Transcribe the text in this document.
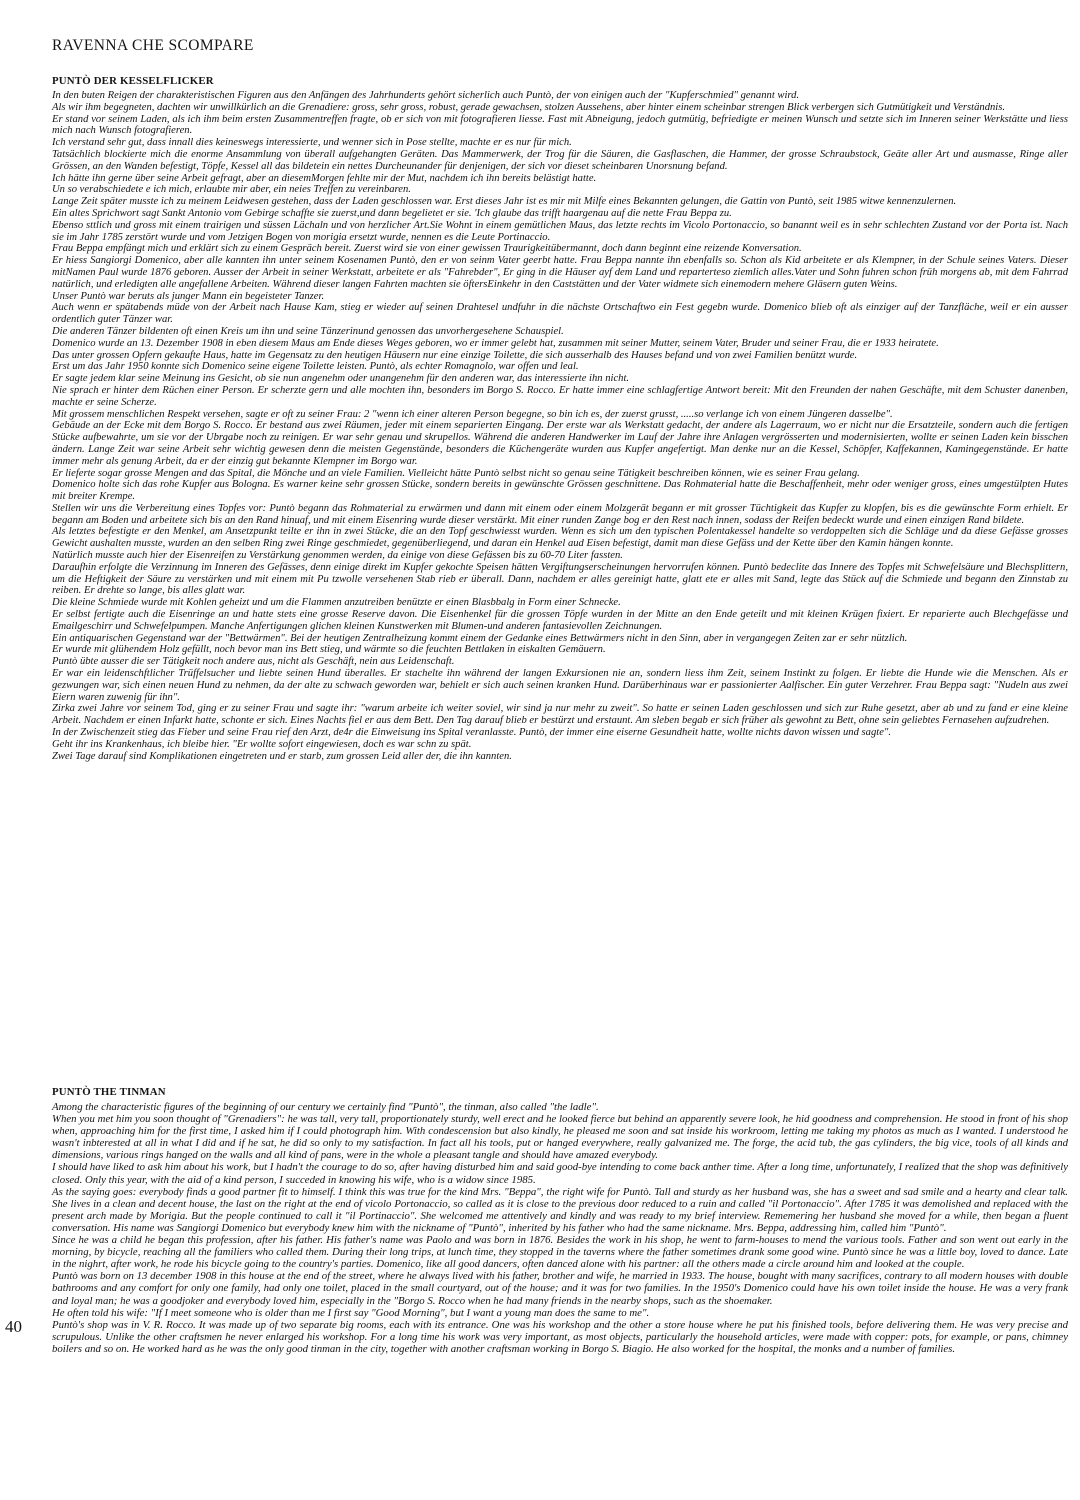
RAVENNA CHE SCOMPARE
PUNTÒ DER KESSELFLICKER

In den buten Reigen der charakteristischen Figuren aus den Anfängen des Jahrhunderts gehört sicherlich auch Puntò, der von einigen auch der "Kupferschmied" genannt wird.

Als wir ihm begegneten, dachten wir unwillkürlich an die Grenadiere: gross, sehr gross, robust, gerade gewachsen, stolzen Aussehens, aber hinter einem scheinbar strengen Blick verbergen sich Gutmütigkeit und Verständnis.

Er stand vor seinem Laden, als ich ihm beim ersten Zusammentreffen fragte, ob er sich von mit fotografieren liesse. Fast mit Abneigung, jedoch gutmütig, befriedigte er meinen Wunsch und setzte sich im Inneren seiner Werkstätte und liess mich nach Wunsch fotografieren.

Ich verstand sehr gut, dass innall dies keineswegs interessierte, und wenner sich in Pose stellte, machte er es nur für mich.

Tatsächlich blockierte mich die enorme Ansammlung von überall aufgehangten Geräten. Das Mammerwerk, der Trog für die Säuren, die Gasflaschen, die Hammer, der grosse Schraubstock, Geäte aller Art und ausmasse, Ringe aller Grössen, an den Wanden befestigt, Töpfe, Kessel all das bildetein ein nettes Durcheunander für denjenigen, der sich vor dieset scheinbaren Unorsnung befand.

Ich hätte ihn gerne über seine Arbeit gefragt, aber an diesemMorgen fehlte mir der Mut, nachdem ich ihn bereits belästigt hatte.

Un so verabschiedete e ich mich, erlaubte mir aber, ein neies Treffen zu vereinbaren.

Lange Zeit später musste ich zu meinem Leidwesen gestehen, dass der Laden geschlossen war. Erst dieses Jahr ist es mir mit Milfe eines Bekannten gelungen, die Gattin von Puntò, seit 1985 witwe kennenzulernen.

Ein altes Sprichwort sagt Sankt Antonio vom Gebirge schaffte sie zuerst,und dann begelietet er sie. 'Ich glaube das trifft haargenau auf die nette Frau Beppa zu.

Ebenso sttlich und gross mit einem trairigen und süssen Lächaln und von herzlicher Art.Sie Wohnt in einem gemütlichen Maus, das letzte rechts im Vicolo Portonaccio, so banannt weil es in sehr schlechten Zustand vor der Porta ist. Nach sie im Jahr 1785 zerstört wurde und vom Jetzigen Bogen von morigia ersetzt wurde, nennen es die Leute Portinaccio.

Frau Beppa empfängt mich und erklärt sich zu einem Gespräch bereit. Zuerst wird sie von einer gewissen Traurigkeitübermannt, doch dann beginnt eine reizende Konversation.

Er hiess Sangiorgi Domenico, aber alle kannten ihn unter seinem Kosenamen Puntò, den er von seinm Vater geerbt hatte. Frau Beppa nannte ihn ebenfalls so. Schon als Kid arbeitete er als Klempner, in der Schule seines Vaters. Dieser mitNamen Paul wurde 1876 geboren. Ausser der Arbeit in seiner Werkstatt, arbeitete er als "Fahrebder", Er ging in die Häuser ayf dem Land und reparterteso ziemlich alles.Vater und Sohn fuhren schon früh morgens ab, mit dem Fahrrad natürlich, und erledigten alle angefallene Arbeiten. Während dieser langen Fahrten machten sie öftersEinkehr in den Caststätten und der Vater widmete sich einemodern mehere Gläsern guten Weins.

Unser Puntò war beruts als junger Mann ein begeisteter Tanzer.

Auch wenn er spätabends müde von der Arbeit nach Hause Kam, stieg er wieder auf seinen Drahtesel undfuhr in die nächste Ortschaftwo ein Fest gegebn wurde. Domenico blieb oft als einziger auf der Tanzfläche, weil er ein ausser ordentlich guter Tänzer war.

Die anderen Tänzer bildenten oft einen Kreis um ihn und seine Tänzerinund genossen das unvorhergesehene Schauspiel.

Domenico wurde an 13. Dezember 1908 in eben diesem Maus am Ende dieses Weges geboren, wo er immer gelebt hat, zusammen mit seiner Mutter, seinem Vater, Bruder und seiner Frau, die er 1933 heiratete.

Das unter grossen Opfern gekaufte Haus, hatte im Gegensatz zu den heutigen Häusern nur eine einzige Toilette, die sich ausserhalb des Hauses befand und von zwei Familien benützt wurde.

Erst um das Jahr 1950 konnte sich Domenico seine eigene Toilette leisten. Puntò, als echter Romagnolo, war offen und leal.

Er sagte jedem klar seine Meinung ins Gesicht, ob sie nun angenehm oder unangenehm für den anderen war, das interessierte ihn nicht.

Nie sprach er hinter dem Rüchen einer Person. Er scherzte gern und alle mochten ihn, besonders im Borgo S. Rocco. Er hatte immer eine schlagfertige Antwort bereit: Mit den Freunden der nahen Geschäfte, mit dem Schuster danenben, machte er seine Scherze.

Mit grossem menschlichen Respekt versehen, sagte er oft zu seiner Frau: 2 "wenn ich einer alteren Person begegne, so bin ich es, der zuerst grusst, .....so verlange ich von einem Jüngeren dasselbe".

Gebäude an der Ecke mit dem Borgo S. Rocco. Er bestand aus zwei Räumen, jeder mit einem separierten Eingang. Der erste war als Werkstatt gedacht, der andere als Lagerraum, wo er nicht nur die Ersatzteile, sondern auch die fertigen Stücke aufbewahrte, um sie vor der Ubrgabe noch zu reinigen. Er war sehr genau und skrupellos. Während die anderen Handwerker im Lauf der Jahre ihre Anlagen vergrösserten und modernisierten, wollte er seinen Laden kein bisschen ändern. Lange Zeit war seine Arbeit sehr wichtig gewesen denn die meisten Gegenstände, besonders die Küchengeräte wurden aus Kupfer angefertigt. Man denke nur an die Kessel, Schöpfer, Kaffekannen, Kamingegenstände. Er hatte immer mehr als genung Arbeit, da er der einzig gut bekannte Klempner im Borgo war.

Er lieferte sogar grosse Mengen and das Spital, die Mönche und an viele Familien. Vielleicht hätte Puntò selbst nicht so genau seine Tätigkeit beschreiben können, wie es seiner Frau gelang.

Domenico holte sich das rohe Kupfer aus Bologna. Es warner keine sehr grossen Stücke, sondern bereits in gewünschte Grössen geschnittene. Das Rohmaterial hatte die Beschaffenheit, mehr oder weniger gross, eines umgestülpten Hutes mit breiter Krempe.

Stellen wir uns die Verbereitung eines Topfes vor: Puntò begann das Rohmaterial zu erwärmen und dann mit einem oder einem Molzgerät begann er mit grosser Tüchtigkeit das Kupfer zu klopfen, bis es die gewünschte Form erhielt. Er begann am Boden und arbeitete sich bis an den Rand hinuaf, und mit einem Eisenring wurde dieser verstärkt. Mit einer runden Zange bog er den Rest nach innen, sodass der Reifen bedeckt wurde und einen einzigen Rand bildete.

Als letztes befestigte er den Menkel, am Ansetzpunkt teilte er ihn in zwei Stücke, die an den Topf geschwiesst wurden. Wenn es sich um den typischen Polentakessel handelte so verdoppelten sich die Schläge und da diese Gefässe grosses Gewicht aushalten musste, wurden an den selben Ring zwei Ringe geschmiedet, gegenüberliegend, und daran ein Henkel aud Eisen befestigt, damit man diese Gefäss und der Kette über den Kamin hängen konnte.

Natürlich musste auch hier der Eisenreifen zu Verstärkung genommen werden, da einige von diese Gefässen bis zu 60-70 Liter fassten.

Daraufhin erfolgte die Verzinnung im Inneren des Gefässes, denn einige direkt im Kupfer gekochte Speisen hätten Vergiftungserscheinungen hervorrufen können. Puntò bedeclite das Innere des Topfes mit Schwefelsäure und Blechsplittern, um die Heftigkeit der Säure zu verstärken und mit einem mit Pu tzwolle versehenen Stab rieb er überall. Dann, nachdem er alles gereinigt hatte, glatt ete er alles mit Sand, legte das Stück auf die Schmiede und begann den Zinnstab zu reiben. Er drehte so lange, bis alles glatt war.

Die kleine Schmiede wurde mit Kohlen geheizt und um die Flammen anzutreiben benützte er einen Blasbbalg in Form einer Schnecke.

Er selbst fertigte auch die Eisenringe an und hatte stets eine grosse Reserve davon. Die Eisenhenkel für die grossen Töpfe wurden in der Mitte an den Ende geteilt und mit kleinen Krügen fixiert. Er reparierte auch Blechgefässe und Emailgeschirr und Schwefelpumpen. Manche Anfertigungen glichen kleinen Kunstwerken mit Blumen-und anderen fantasievollen Zeichnungen.

Ein antiquarischen Gegenstand war der "Bettwärmen". Bei der heutigen Zentralheizung kommt einem der Gedanke eines Bettwärmers nicht in den Sinn, aber in vergangegen Zeiten zar er sehr nützlich.

Er wurde mit glühendem Holz gefüllt, noch bevor man ins Bett stieg, und wärmte so die feuchten Bettlaken in eiskalten Gemäuern.

Puntò übte ausser die ser Tätigkeit noch andere aus, nicht als Geschäft, nein aus Leidenschaft.

Er war ein leidenschftlicher Trüffelsucher und liebte seinen Hund überalles. Er stachelte ihn während der langen Exkursionen nie an, sondern liess ihm Zeit, seinem Instinkt zu folgen. Er liebte die Hunde wie die Menschen. Als er gezwungen war, sich einen neuen Hund zu nehmen, da der alte zu schwach geworden war, behielt er sich auch seinen kranken Hund. Darüberhinaus war er passionierter Aalfischer. Ein guter Verzehrer. Frau Beppa sagt: "Nudeln aus zwei Eiern waren zuwenig für ihn".

Zirka zwei Jahre vor seinem Tod, ging er zu seiner Frau und sagte ihr: "warum arbeite ich weiter soviel, wir sind ja nur mehr zu zweit". So hatte er seinen Laden geschlossen und sich zur Ruhe gesetzt, aber ab und zu fand er eine kleine Arbeit. Nachdem er einen Infarkt hatte, schonte er sich. Eines Nachts fiel er aus dem Bett. Den Tag darauf blieb er bestürzt und erstaunt. Am sleben begab er sich früher als gewohnt zu Bett, ohne sein geliebtes Fernasehen aufzudrehen.

In der Zwischenzeit stieg das Fieber und seine Frau rief den Arzt, de4r die Einweisung ins Spital veranlasste. Puntò, der immer eine eiserne Gesundheit hatte, wollte nichts davon wissen und sagte".

Geht ihr ins Krankenhaus, ich bleibe hier. "Er wollte sofort eingewiesen, doch es war schn zu spät.

Zwei Tage darauf sind Komplikationen eingetreten und er starb, zum grossen Leid aller der, die ihn kannten.

PUNTÒ THE TINMAN

Among the characteristic figures of the beginning of our century we certainly find "Puntò", the tinman, also called "the ladle".

When you met him you soon thought of "Grenadiers": he was tall, very tall, proportionately sturdy, well erect and he looked fierce but behind an apparently severe look, he hid goodness and comprehension. He stood in front of his shop when, approaching him for the first time, I asked him if I could photograph him. With condescension but also kindly, he pleased me soon and sat inside his workroom, letting me taking my photos as much as I wanted. I understood he wasn't inbterested at all in what I did and if he sat, he did so only to my satisfaction. In fact all his tools, put or hanged everywhere, really galvanized me. The forge, the acid tub, the gas cylinders, the big vice, tools of all kinds and dimensions, various rings hanged on the walls and all kind of pans, were in the whole a pleasant tangle and should have amazed everybody.

I should have liked to ask him about his work, but I hadn't the courage to do so, after having disturbed him and said good-bye intending to come back anther time. After a long time, unfortunately, I realized that the shop was definitively closed. Only this year, with the aid of a kind person, I succeded in knowing his wife, who is a widow since 1985.

As the saying goes: everybody finds a good partner fit to himself. I think this was true for the kind Mrs. "Beppa", the right wife for Puntò. Tall and sturdy as her husband was, she has a sweet and sad smile and a hearty and clear talk. She lives in a clean and decent house, the last on the right at the end of vicolo Portonaccio, so called as it is close to the previous door reduced to a ruin and called "il Portonaccio". After 1785 it was demolished and replaced with the present arch made by Morigia. But the people continued to call it "il Portinaccio". She welcomed me attentively and kindly and was ready to my brief interview. Rememering her husband she moved for a while, then began a fluent conversation. His name was Sangiorgi Domenico but everybody knew him with the nickname of "Puntò", inherited by his father who had the same nickname. Mrs. Beppa, addressing him, called him "Puntò".

Since he was a child he began this profession, after his father. His father's name was Paolo and was born in 1876. Besides the work in his shop, he went to farm-houses to mend the various tools. Father and son went out early in the morning, by bicycle, reaching all the familiers who called them. During their long trips, at lunch time, they stopped in the taverns where the father sometimes drank some good wine. Puntò since he was a little boy, loved to dance. Late in the nighrt, after work, he rode his bicycle going to the country's parties. Domenico, like all good dancers, often danced alone with his partner: all the others made a circle around him and looked at the couple.

Puntò was born on 13 december 1908 in this house at the end of the street, where he always lived with his father, brother and wife, he married in 1933. The house, bought with many sacrifices, contrary to all modern houses with double bathrooms and any comfort for only one family, had only one toilet, placed in the small courtyard, out of the house; and it was for two families. In the 1950's Domenico could have his own toilet inside the house. He was a very frank and loyal man; he was a goodjoker and everybody loved him, especially in the "Borgo S. Rocco when he had many friends in the nearby shops, such as the shoemaker.

He often told his wife: "If I meet someone who is older than me I first say "Good Morning", but I want a young man does the same to me".

Puntò's shop was in V. R. Rocco. It was made up of two separate big rooms, each with its entrance. One was his workshop and the other a store house where he put his finished tools, before delivering them. He was very precise and scrupulous. Unlike the other craftsmen he never enlarged his workshop. For a long time his work was very important, as most objects, particularly the household articles, were made with copper: pots, for example, or pans, chimney boilers and so on. He worked hard as he was the only good tinman in the city, together with another craftsman working in Borgo S. Biagio. He also worked for the hospital, the monks and a number of families.

40
